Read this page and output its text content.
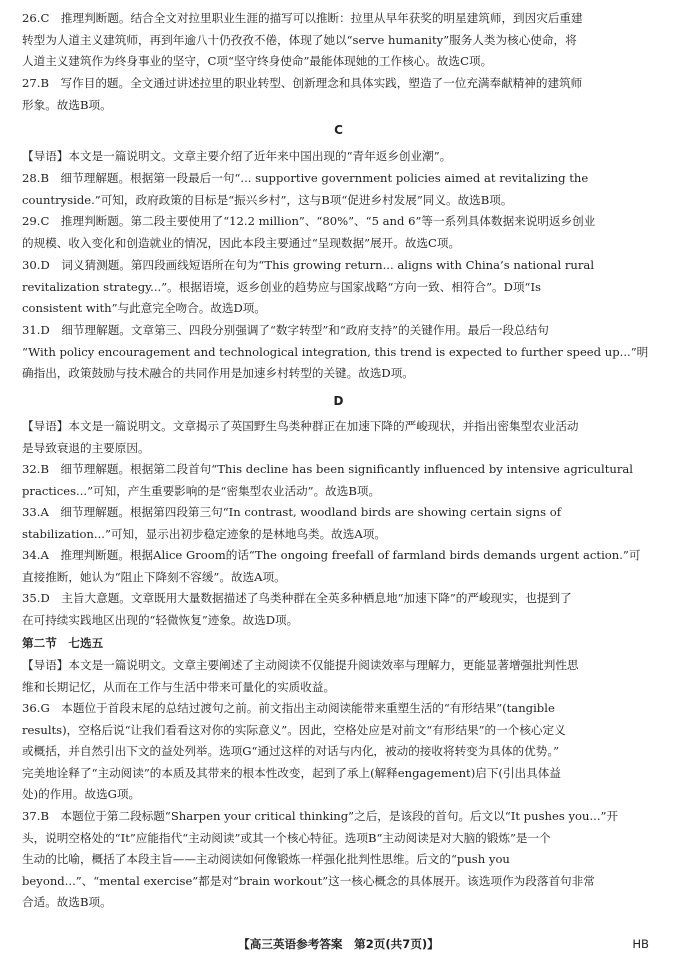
26.C　推理判断题。结合全文对拉里职业生涯的描写可以推断：拉里从早年获奖的明星建筑师，到因灾后重建
转型为人道主义建筑师，再到年逾八十仍孜孜不倦，体现了她以“serve humanity”服务人类为核心使命，将
人道主义建筑作为终身事业的坚守，C项“坚守终身使命”最能体现她的工作核心。故选C项。
27.B　写作目的题。全文通过讲述拉里的职业转型、创新理念和具体实践，塑造了一位充满奉献精神的建筑师
形象。故选B项。
C
【导语】本文是一篇说明文。文章主要介绍了近年来中国出现的“青年返乡创业潮”。
28.B　细节理解题。根据第一段最后一句“... supportive government policies aimed at revitalizing the
countryside.”可知，政府政策的目标是“振兴乡村”，这与B项“促进乡村发展”同义。故选B项。
29.C　推理判断题。第二段主要使用了“12.2 million”、“80%”、“5 and 6”等一系列具体数据来说明返乡创业
的规模、收入变化和创造就业的情况，因此本段主要通过“呈现数据”展开。故选C项。
30.D　词义猜测题。第四段画线短语所在句为“This growing return... aligns with China’s national rural
revitalization strategy...”。根据语境，返乡创业的趋势应与国家战略“方向一致、相符合”。D项“Is
consistent with”与此意完全吻合。故选D项。
31.D　细节理解题。文章第三、四段分别强调了“数字转型”和“政府支持”的关键作用。最后一段总结句
“With policy encouragement and technological integration, this trend is expected to further speed up...”明
确指出，政策鼓励与技术融合的共同作用是加速乡村转型的关键。故选D项。
D
【导语】本文是一篇说明文。文章揭示了英国野生鸟类种群正在加速下降的严峻现状，并指出密集型农业活动
是导致衰退的主要原因。
32.B　细节理解题。根据第二段首句“This decline has been significantly influenced by intensive agricultural
practices...”可知，产生重要影响的是“密集型农业活动”。故选B项。
33.A　细节理解题。根据第四段第三句“In contrast, woodland birds are showing certain signs of
stabilization...”可知，显示出初步稳定迹象的是林地鸟类。故选A项。
34.A　推理判断题。根据Alice Groom的话“The ongoing freefall of farmland birds demands urgent action.”可
直接推断，她认为“阻止下降刻不容缓”。故选A项。
35.D　主旨大意题。文章既用大量数据描述了鸟类种群在全英多种栖息地“加速下降”的严峻现实，也提到了
在可持续实践地区出现的“轻微恢复”迹象。故选D项。
第二节　七选五
【导语】本文是一篇说明文。文章主要阐述了主动阅读不仅能提升阅读效率与理解力，更能显著增强批判性思
维和长期记忆，从而在工作与生活中带来可量化的实质收益。
36.G　本题位于首段末尾的总结过渡句之前。前文指出主动阅读能带来重塑生活的“有形结果”(tangible
results)，空格后说“让我们看看这对你的实际意义”。因此，空格处应是对前文“有形结果”的一个核心定义
或概括，并自然引出下文的益处列举。选项G“通过这样的对话与内化，被动的接收将转变为具体的优势。”
完美地诠释了“主动阅读”的本质及其带来的根本性改变，起到了承上(解释engagement)启下(引出具体益
处)的作用。故选G项。
37.B　本题位于第二段标题“Sharpen your critical thinking”之后，是该段的首句。后文以“It pushes you...”开
头，说明空格处的“It”应能指代“主动阅读”或其一个核心特征。选项B“主动阅读是对大脑的锻炼”是一个
生动的比喻，概括了本段主旨——主动阅读如何像锻炼一样强化批判性思维。后文的“push you
beyond...”、“mental exercise”都是对“brain workout”这一核心概念的具体展开。该选项作为段落首句非常
合适。故选B项。
【高三英语参考答案　第2页(共7页)】	HB
